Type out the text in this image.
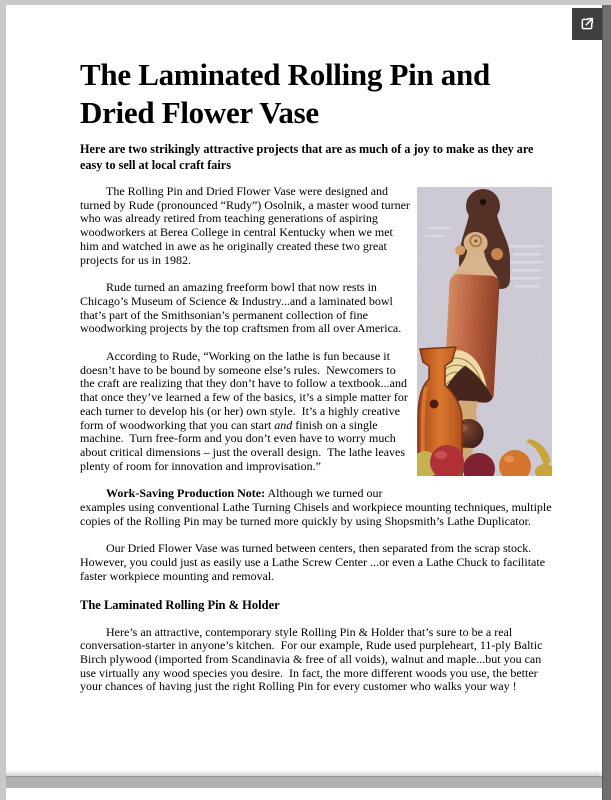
The Laminated Rolling Pin and
Dried Flower Vase

Here are two strikingly attractive projects that are as much of a joy to make as they are easy to sell at local craft fairs

The Rolling Pin and Dried Flower Vase were designed and turned by Rude (pronounced “Rudy”) Osolnik, a master wood turner who was already retired from teaching generations of aspiring woodworkers at Berea College in central Kentucky when we met him and watched in awe as he originally created these two great projects for us in 1982.

Rude turned an amazing freeform bowl that now rests in Chicago’s Museum of Science & Industry...and a laminated bowl that’s part of the Smithsonian’s permanent collection of fine woodworking projects by the top craftsmen from all over America.

According to Rude, “Working on the lathe is fun because it doesn’t have to be bound by someone else’s rules.  Newcomers to the craft are realizing that they don’t have to follow a textbook...and that once they’ve learned a few of the basics, it’s a simple matter for each turner to develop his (or her) own style.  It’s a highly creative form of woodworking that you can start and finish on a single machine.  Turn free-form and you don’t even have to worry much about critical dimensions – just the overall design.  The lathe leaves plenty of room for innovation and improvisation.”

Work-Saving Production Note: Although we turned our examples using conventional Lathe Turning Chisels and workpiece mounting techniques, multiple copies of the Rolling Pin may be turned more quickly by using Shopsmith’s Lathe Duplicator.

Our Dried Flower Vase was turned between centers, then separated from the scrap stock.  However, you could just as easily use a Lathe Screw Center ...or even a Lathe Chuck to facilitate faster workpiece mounting and removal.

The Laminated Rolling Pin & Holder

Here’s an attractive, contemporary style Rolling Pin & Holder that’s sure to be a real conversation-starter in anyone’s kitchen.  For our example, Rude used purpleheart, 11-ply Baltic Birch plywood (imported from Scandinavia & free of all voids), walnut and maple...but you can use virtually any wood species you desire.  In fact, the more different woods you use, the better your chances of having just the right Rolling Pin for every customer who walks your way !
